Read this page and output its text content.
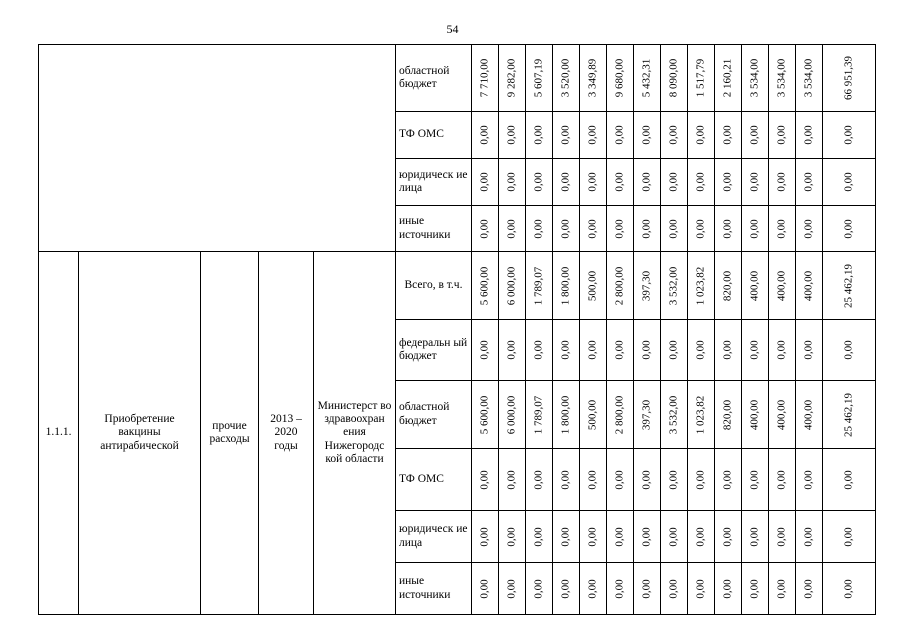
54
					областной бюджет	7 710,00	9 282,00	5 607,19	3 520,00	3 349,89	9 680,00	5 432,31	8 090,00	1 517,79	2 160,21	3 534,00	3 534,00	3 534,00	66 951,39

					ТФ ОМС	0,00	0,00	0,00	0,00	0,00	0,00	0,00	0,00	0,00	0,00	0,00	0,00	0,00	0,00

					юридическ ие лица	0,00	0,00	0,00	0,00	0,00	0,00	0,00	0,00	0,00	0,00	0,00	0,00	0,00	0,00

					иные источники	0,00	0,00	0,00	0,00	0,00	0,00	0,00	0,00	0,00	0,00	0,00	0,00	0,00	0,00

1.1.1.	Приобретение вакцины антирабической	прочие расходы	2013 – 2020 годы	Министерст во здравоохран ения Нижегородс кой области	Всего, в т.ч.	5 600,00	6 000,00	1 789,07	1 800,00	500,00	2 800,00	397,30	3 532,00	1 023,82	820,00	400,00	400,00	400,00	25 462,19

					федеральн ый бюджет	0,00	0,00	0,00	0,00	0,00	0,00	0,00	0,00	0,00	0,00	0,00	0,00	0,00	0,00

					областной бюджет	5 600,00	6 000,00	1 789,07	1 800,00	500,00	2 800,00	397,30	3 532,00	1 023,82	820,00	400,00	400,00	400,00	25 462,19

					ТФ ОМС	0,00	0,00	0,00	0,00	0,00	0,00	0,00	0,00	0,00	0,00	0,00	0,00	0,00	0,00

					юридическ ие лица	0,00	0,00	0,00	0,00	0,00	0,00	0,00	0,00	0,00	0,00	0,00	0,00	0,00	0,00

					иные источники	0,00	0,00	0,00	0,00	0,00	0,00	0,00	0,00	0,00	0,00	0,00	0,00	0,00	0,00
